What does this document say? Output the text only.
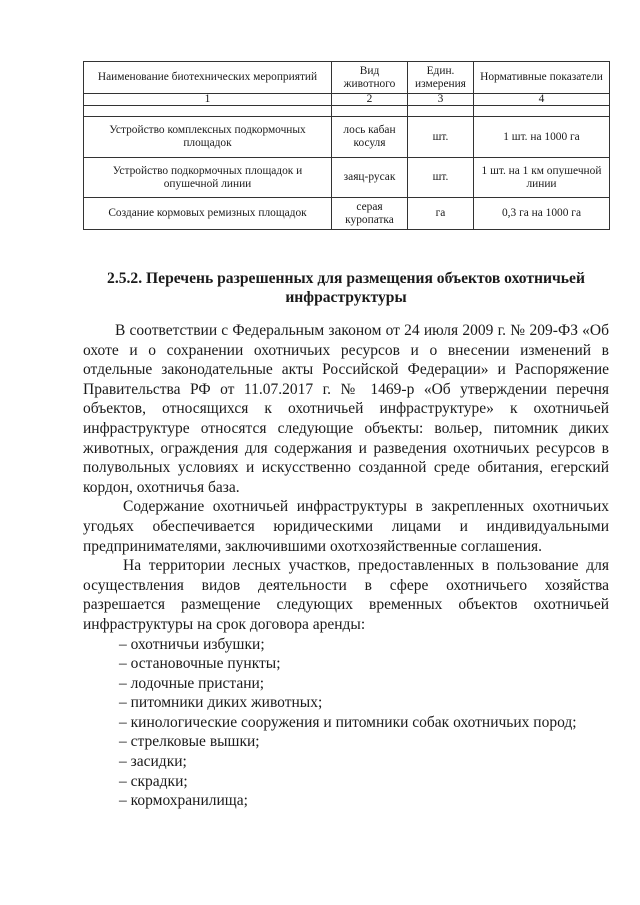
Наименование биотехнических мероприятий	Вид животного	Един. измерения	Нормативные показатели
1	2	3	4

Устройство комплексных подкормочных площадок	лось кабан косуля	шт.	1 шт. на 1000 га
Устройство подкормочных площадок и опушечной линии	заяц-русак	шт.	1 шт. на 1 км опушечной линии
Создание кормовых ремизных площадок	серая куропатка	га	0,3 га на 1000 га
2.5.2. Перечень разрешенных для размещения объектов охотничьей инфраструктуры

В соответствии с Федеральным законом от 24 июля 2009 г. № 209-ФЗ «Об охоте и о сохранении охотничьих ресурсов и о внесении изменений в отдельные законодательные акты Российской Федерации» и Распоряжение Правительства РФ от 11.07.2017 г. № 1469-р «Об утверждении перечня объектов, относящихся к охотничьей инфраструктуре» к охотничьей инфраструктуре относятся следующие объекты: вольер, питомник диких животных, ограждения для содержания и разведения охотничьих ресурсов в полувольных условиях и искусственно созданной среде обитания, егерский кордон, охотничья база.

Содержание охотничьей инфраструктуры в закрепленных охотничьих угодьях обеспечивается юридическими лицами и индивидуальными предпринимателями, заключившими охотхозяйственные соглашения.

На территории лесных участков, предоставленных в пользование для осуществления видов деятельности в сфере охотничьего хозяйства разрешается размещение следующих временных объектов охотничьей инфраструктуры на срок договора аренды:

– охотничьи избушки;
– остановочные пункты;
– лодочные пристани;
– питомники диких животных;
– кинологические сооружения и питомники собак охотничьих пород;
– стрелковые вышки;
– засидки;
– скрадки;
– кормохранилища;
